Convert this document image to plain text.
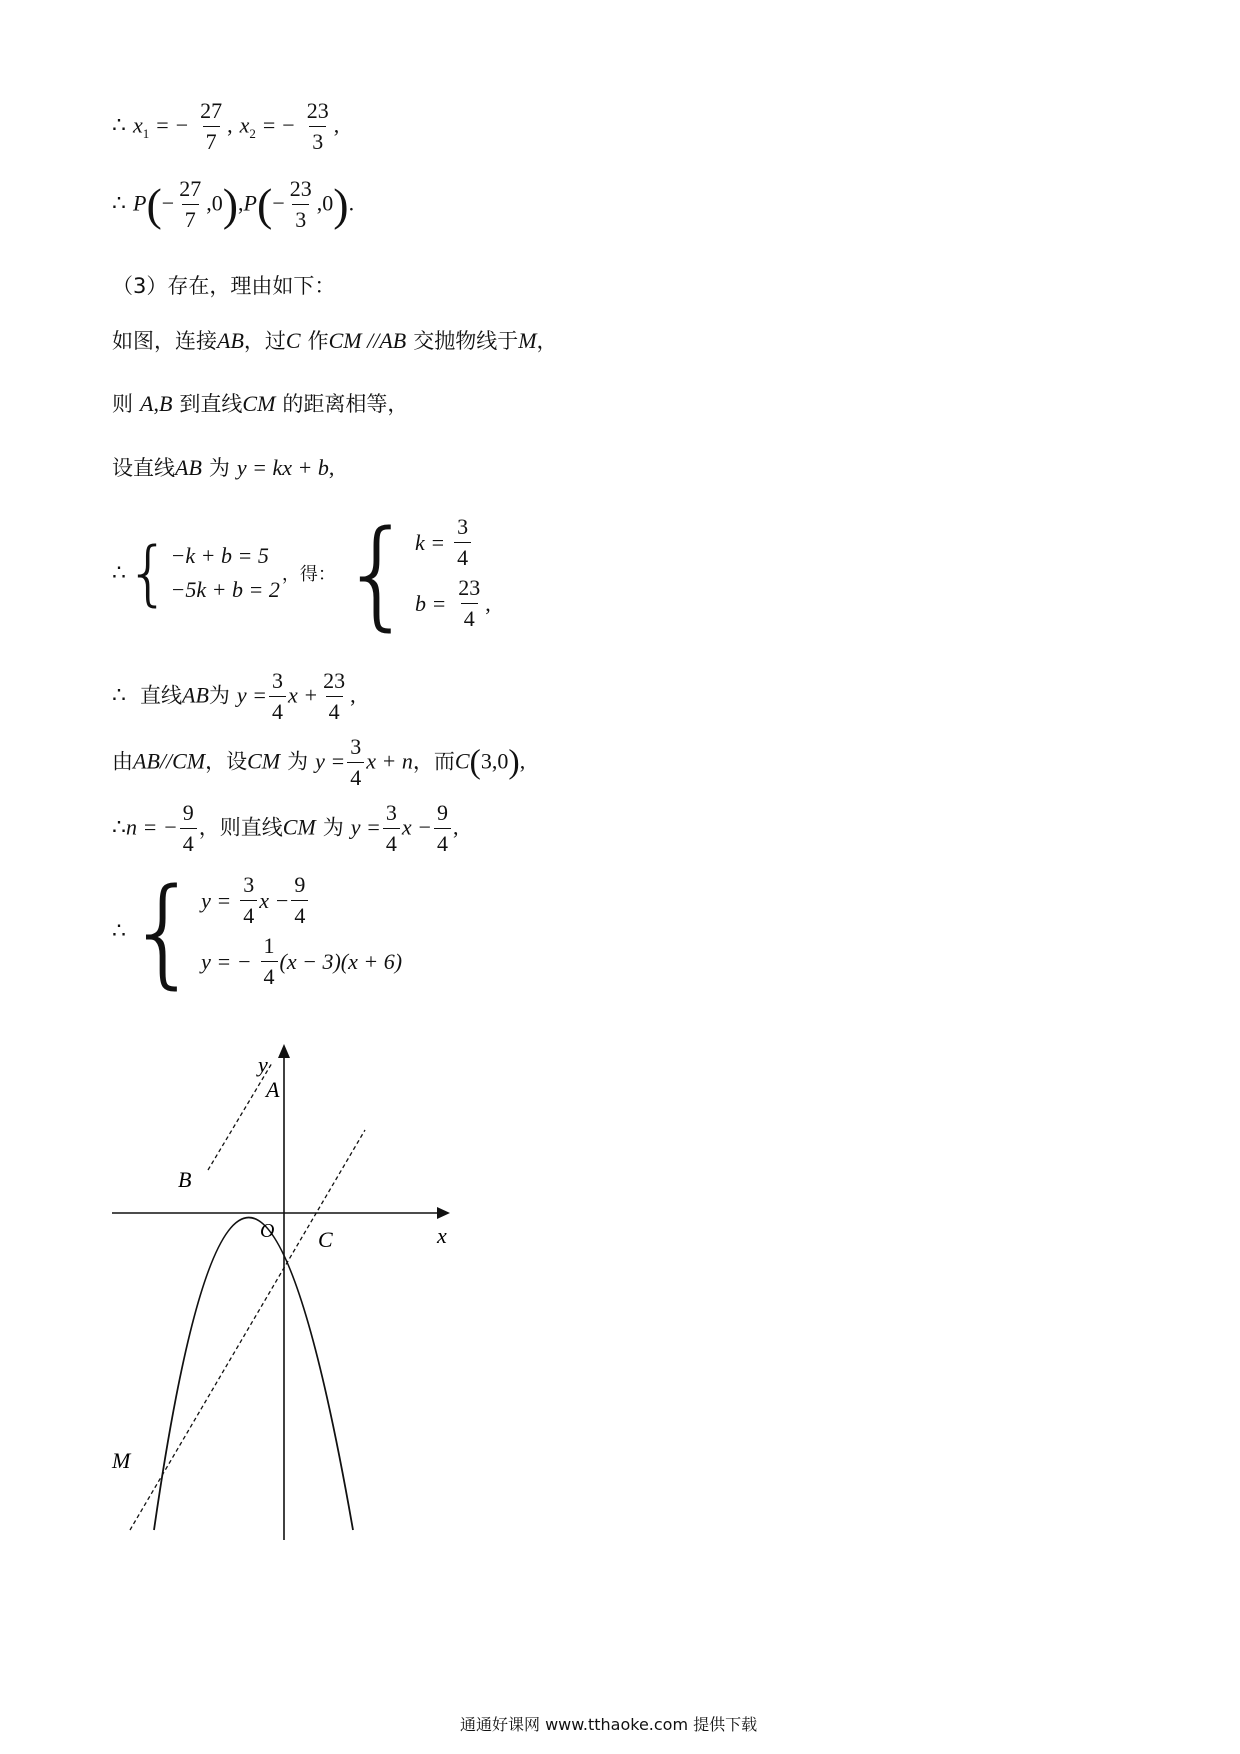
∴ $x_1$ = − $\frac{27}{7}$ , $x_2$ = − $\frac{23}{3}$ ,
∴ $P(- \frac{27}{7} ,0),P(- \frac{23}{3} ,0)$.
（3）存在，理由如下：
如图，连接AB，过C 作CM //AB 交抛物线于M，
则 A,B 到直线CM 的距离相等，
设直线AB 为 y = kx + b,
∴ { −k + b = 5
−5k + b = 2
，得： { k =
$\frac{3}{4}$
b =
$\frac{23}{4}$ ,
∴ 直线AB为 $y = \frac{3}{4}$ $x + \frac{23}{4}$ ,
由AB//CM，设CM 为 $y = \frac{3}{4}$ x + n，而C(3,0),
∴n = − $\frac{9}{4}$ ，则直线CM 为 $y = \frac{3}{4}$ $x - \frac{9}{4}$ ,
∴ { y =
$\frac{3}{4}$ $x - \frac{9}{4}$
y = −
$\frac{1}{4} (x - 3)(x + 6)$
y
x
O
A
B
C
M
通通好课网 www.tthaoke.com 提供下载
